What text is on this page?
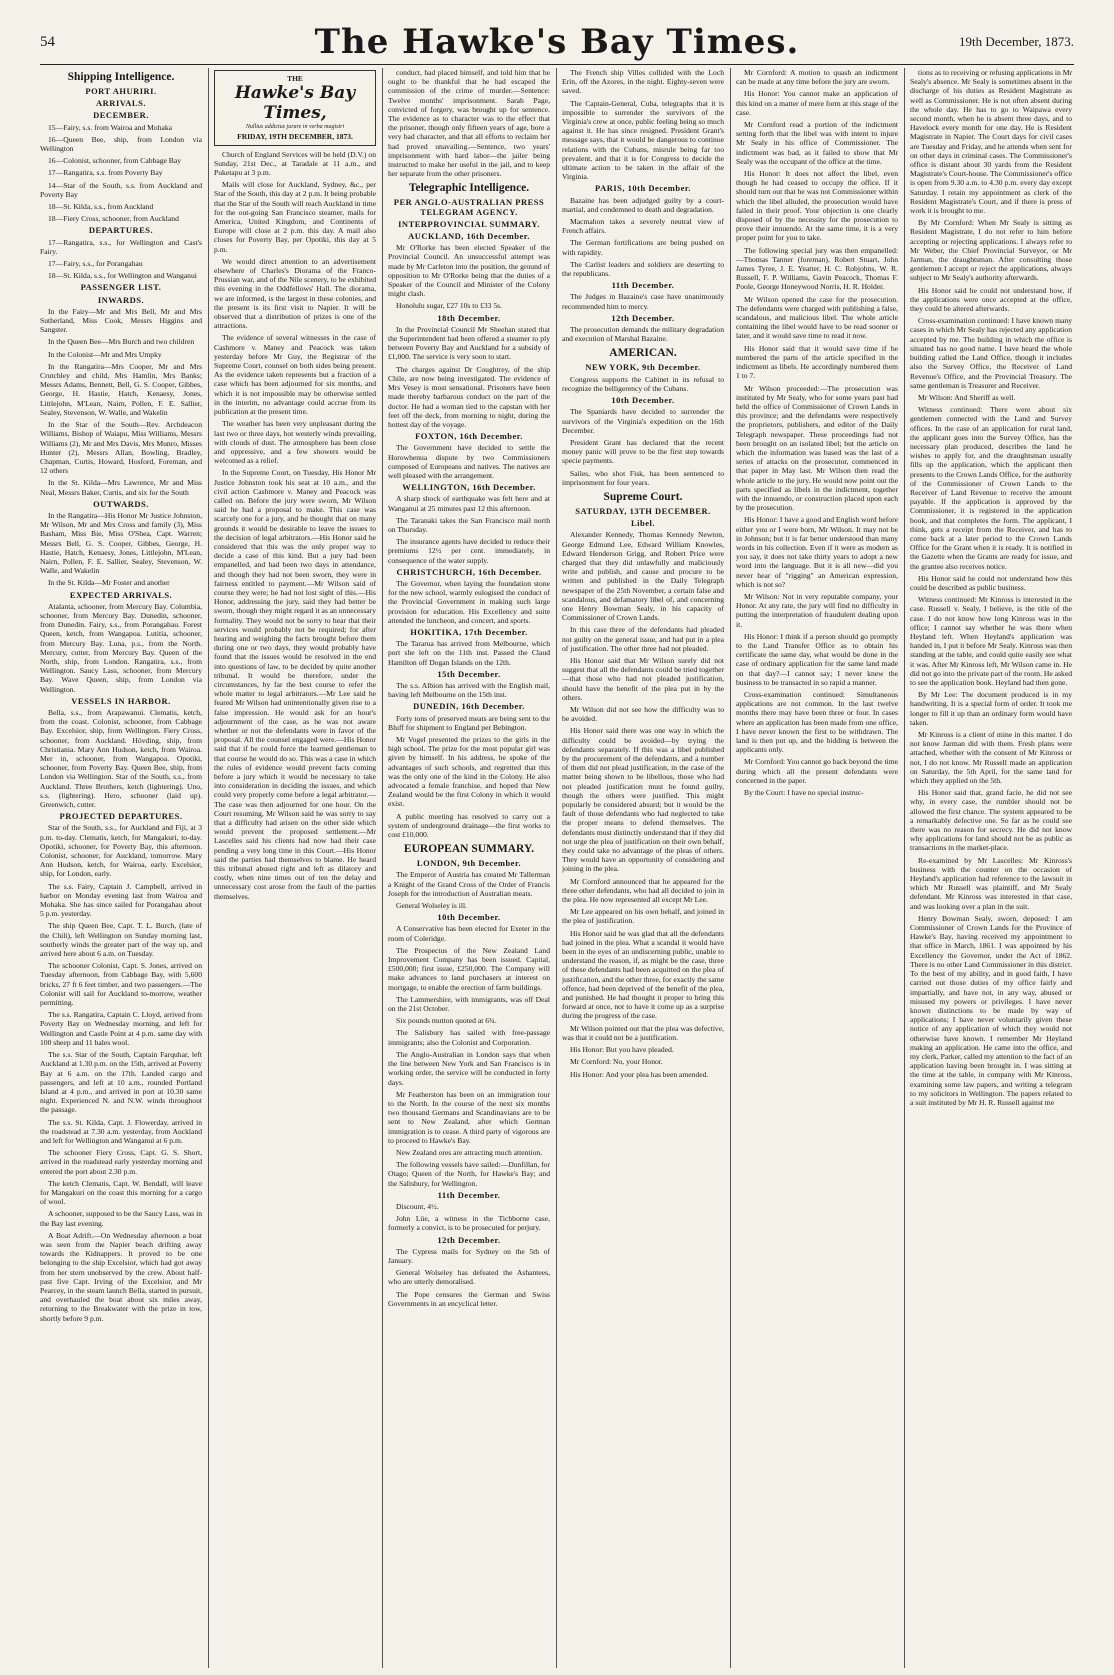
54	The Hawke's Bay Times.	19th December, 1873.
Shipping Intelligence.
PORT AHURIRI.
ARRIVALS.
DECEMBER.
15—Fairy, s.s. from Wairoa and Mohaka
16—Queen Bee, ship, from London via Wellington
16—Colonist, schooner, from Cabbage Bay
17—Rangatira, s.s. from Poverty Bay
14—Star of the South, s.s. from Auckland and Poverty Bay
18—St. Kilda, s.s., from Auckland
18—Fiery Cross, schooner, from Auckland
DEPARTURES.
17—Rangatira, s.s., for Wellington and Cast's Fairy.
17—Fairy, s.s., for Porangahau
18—St. Kilda, s.s., for Wellington and Wanganui
PASSENGER LIST.
INWARDS.
In the Fairy—Mr and Mrs Bell, Mr and Mrs Sutherland, Miss Cook, Messrs Higgins and Sangster.
In the Queen Bee—Mrs Burch and two children
In the Colonist—Mr and Mrs Umpky
In the Rangatira—Mrs Cooper, Mr and Mrs Crutchley and child, Mrs Hamlin, Mrs Banks; Messrs Adams, Bennett, Bell, G. S. Cooper, Gibbes, George, H. Hastie, Hatch, Kenaesy, Jones, Littlejohn, M'Lean, Nairn, Pollen, F. E. Sallier, Sealey, Stevenson, W. Walle, and Wakelin
In the Star of the South—Rev. Archdeacon Williams, Bishop of Waiapu, Miss Williams, Messrs Williams (2), Mr and Mrs Davis, Mrs Munro, Misses Hunter (2), Messrs Allan, Bowling, Bradley, Chapman, Curtis, Howard, Hosford, Foreman, and 12 others
In the St. Kilda—Mrs Lawrence, Mr and Miss Neal, Messrs Baker, Curtis, and six for the South
OUTWARDS.
In the Rangatira—His Honor Mr Justice Johnston, Mr Wilson, Mr and Mrs Cross and family (3), Miss Basham, Miss Bie, Miss O'Shea, Capt. Warren; Messrs Bell, G. S. Cooper, Gibbes, George, H. Hastie, Hatch, Kenaesy, Jones, Littlejohn, M'Lean, Nairn, Pollen, F. E. Sallier, Sealey, Stevenson, W. Walle, and Wakelin
In the St. Kilda—Mr Foster and another
EXPECTED ARRIVALS.
Atalanta, schooner, from Mercury Bay. Columbia, schooner, from Mercury Bay. Dunedin, schooner, from Dunedin. Fairy, s.s., from Porangahau. Forest Queen, ketch, from Wangapoa. Lutitia, schooner, from Mercury Bay. Luna, p.s., from the North. Mercury, cutter, from Mercury Bay. Queen of the North, ship, from London. Rangatira, s.s., from Wellington. Saucy Lass, schooner, from Mercury Bay. Wave Queen, ship, from London via Wellington.
VESSELS IN HARBOR.
Bella, s.s., from Arapawanui. Clematis, ketch, from the coast. Colonist, schooner, from Cabbage Bay. Excelsior, ship, from Wellington. Fiery Cross, schooner, from Auckland. Hövding, ship, from Christiania. Mary Ann Hudson, ketch, from Wairoa. Mer in, schooner, from Wangapoa. Opotiki, schooner, from Poverty Bay. Queen Bee, ship, from London via Wellington. Star of the South, s.s., from Auckland. Three Brothers, ketch (lightering). Uno, s.s. (lightering). Hero, schooner (laid up). Greenwich, cutter.
PROJECTED DEPARTURES.
Star of the South, s.s., for Auckland and Fiji, at 3 p.m. to-day. Clematis, ketch, for Mangakuri, to-day. Opotiki, schooner, for Poverty Bay, this afternoon. Colonist, schooner, for Auckland, tomorrow. Mary Ann Hudson, ketch, for Wairoa, early. Excelsior, ship, for London, early.
The s.s. Fairy, Captain J. Campbell, arrived in harbor on Monday evening last from Wairoa and Mohaka. She has since sailed for Porangahau about 5 p.m. yesterday.
The ship Queen Bee, Capt. T. L. Burch, (late of the Chili), left Wellington on Sunday morning last, southerly winds the greater part of the way up, and arrived here about 6 a.m. on Tuesday.
The schooner Colonist, Capt. S. Jones, arrived on Tuesday afternoon, from Cabbage Bay, with 5,600 bricks, 27 ft 6 feet timber, and two passengers.—The Colonist will sail for Auckland to-morrow, weather permitting.
The s.s. Rangatira, Captain C. Lloyd, arrived from Poverty Bay on Wednesday morning, and left for Wellington and Castle Point at 4 p.m. same day with 100 sheep and 11 bales wool.
The s.s. Star of the South, Captain Farquhar, left Auckland at 1.30 p.m. on the 15th, arrived at Poverty Bay at 6 a.m. on the 17th. Landed cargo and passengers, and left at 10 a.m., rounded Portland Island at 4 p.m., and arrived in port at 10.30 same night. Experienced N. and N.W. winds throughout the passage.
The s.s. St. Kilda, Capt. J. Flowerday, arrived in the roadstead at 7.30 a.m. yesterday, from Auckland and left for Wellington and Wanganui at 6 p.m.
The schooner Fiery Cross, Capt. G. S. Short, arrived in the roadstead early yesterday morning and entered the port about 2.30 p.m.
The ketch Clematis, Capt. W. Bendall, will leave for Mangakuri on the coast this morning for a cargo of wool.
A schooner, supposed to be the Saucy Lass, was in the Bay last evening.
A Boat Adrift.—On Wednesday afternoon a boat was seen from the Napier beach drifting away towards the Kidnappers. It proved to be one belonging to the ship Excelsior, which had got away from her stern unobserved by the crew. About half-past five Capt. Irving of the Excelsior, and Mr Pearcey, in the steam launch Bella, started in pursuit, and overhauled the boat about six miles away, returning to the Breakwater with the prize in tow, shortly before 9 p.m.
THE
Hawke's Bay Times,
Nullius addictus jurare in verba magistri
FRIDAY, 19TH DECEMBER, 1873.
Church of England Services will be held (D.V.) on Sunday, 21st Dec., at Taradale at 11 a.m., and Puketapu at 3 p.m.
Mails will close for Auckland, Sydney, &c., per Star of the South, this day at 2 p.m. It being probable that the Star of the South will reach Auckland in time for the out-going San Francisco steamer, mails for America, United Kingdom, and Continents of Europe will close at 2 p.m. this day. A mail also closes for Poverty Bay, per Opotiki, this day at 5 p.m.
We would direct attention to an advertisement elsewhere of Charles's Diorama of the Franco-Prussian war, and of the Nile scenery, to be exhibited this evening in the Oddfellows' Hall. The diorama, we are informed, is the largest in these colonies, and the present is its first visit to Napier. It will be observed that a distribution of prizes is one of the attractions.
The evidence of several witnesses in the case of Cashmore v. Maney and Peacock was taken yesterday before Mr Guy, the Registrar of the Supreme Court, counsel on both sides being present. As the evidence taken represents but a fraction of a case which has been adjourned for six months, and which it is not impossible may be otherwise settled in the interim, no advantage could accrue from its publication at the present time.
The weather has been very unpleasant during the last two or three days, hot westerly winds prevailing, with clouds of dust. The atmosphere has been close and oppressive, and a few showers would be welcomed as a relief.
In the Supreme Court, on Tuesday, His Honor Mr Justice Johnston took his seat at 10 a.m., and the civil action Cashmore v. Maney and Peacock was called on. Before the jury were sworn, Mr Wilson said he had a proposal to make. This case was scarcely one for a jury, and he thought that on many grounds it would be desirable to leave the issues to the decision of legal arbitrators.—His Honor said he considered that this was the only proper way to decide a case of this kind. But a jury had been empanelled, and had been two days in attendance, and though they had not been sworn, they were in fairness entitled to payment.—Mr Wilson said of course they were; he had not lost sight of this.—His Honor, addressing the jury, said they had better be sworn, though they might regard it as an unnecessary formality. They would not be sorry to hear that their services would probably not be required; for after hearing and weighing the facts brought before them during one or two days, they would probably have found that the issues would be resolved in the end into questions of law, to be decided by quite another tribunal. It would be therefore, under the circumstances, by far the best course to refer the whole matter to legal arbitrators.—Mr Lee said he feared Mr Wilson had unintentionally given rise to a false impression. He would ask for an hour's adjournment of the case, as he was not aware whether or not the defendants were in favor of the proposal. All the counsel engaged were.—His Honor said that if he could force the learned gentleman to that course he would do so. This was a case in which the rules of evidence would prevent facts coming before a jury which it would be necessary to take into consideration in deciding the issues, and which could very properly come before a legal arbitrator.—The case was then adjourned for one hour. On the Court resuming, Mr Wilson said he was sorry to say that a difficulty had arisen on the other side which would prevent the proposed settlement.—Mr Lascelles said his clients had now had their case pending a very long time in this Court.—His Honor said the parties had themselves to blame. He heard this tribunal abused right and left as dilatory and costly, when nine times out of ten the delay and unnecessary cost arose from the fault of the parties themselves.
conduct, had placed himself, and told him that he ought to be thankful that he had escaped the commission of the crime of murder.—Sentence: Twelve months' imprisonment. Sarah Page, convicted of forgery, was brought up for sentence. The evidence as to character was to the effect that the prisoner, though only fifteen years of age, bore a very bad character, and that all efforts to reclaim her had proved unavailing.—Sentence, two years' imprisonment with hard labor—the jailer being instructed to make her useful in the jail, and to keep her separate from the other prisoners.
Telegraphic Intelligence.
PER ANGLO-AUSTRALIAN PRESS TELEGRAM AGENCY.
INTERPROVINCIAL SUMMARY.
AUCKLAND, 16th December.
Mr O'Rorke has been elected Speaker of the Provincial Council. An unsuccessful attempt was made by Mr Carleton into the position, the ground of opposition to Mr O'Rorke being that the duties of a Speaker of the Council and Minister of the Colony might clash.
Honolulu sugar, £27 10s to £33 5s.
18th December.
In the Provincial Council Mr Sheehan stated that the Superintendent had been offered a steamer to ply between Poverty Bay and Auckland for a subsidy of £1,000. The service is very soon to start.
The charges against Dr Coughtrey, of the ship Chile, are now being investigated. The evidence of Mrs Vesey is most sensational. Prisoners have been made thereby barbarous conduct on the part of the doctor. He had a woman tied to the capstan with her feet off the deck, from morning to night, during the hottest day of the voyage.
FOXTON, 16th December.
The Government have decided to settle the Horowhenua dispute by two Commissioners composed of Europeans and natives. The natives are well pleased with the arrangement.
WELLINGTON, 16th December.
A sharp shock of earthquake was felt here and at Wanganui at 25 minutes past 12 this afternoon.
The Taranaki takes the San Francisco mail north on Thursday.
The insurance agents have decided to reduce their premiums 12½ per cent. immediately, in consequence of the water supply.
CHRISTCHURCH, 16th December.
The Governor, when laying the foundation stone for the new school, warmly eulogised the conduct of the Provincial Government in making such large provision for education. His Excellency and suite attended the luncheon, and concert, and sports.
HOKITIKA, 17th December.
The Tararua has arrived from Melbourne, which port she left on the 11th inst. Passed the Claud Hamilton off Dogan Islands on the 12th.
15th December.
The s.s. Albion has arrived with the English mail, having left Melbourne on the 15th inst.
DUNEDIN, 16th December.
Forty tons of preserved meats are being sent to the Bluff for shipment to England per Bebington.
Mr Vogel presented the prizes to the girls in the high school. The prize for the most popular girl was given by himself. In his address, he spoke of the advantages of such schools, and regretted that this was the only one of the kind in the Colony. He also advocated a female franchise, and hoped that New Zealand would be the first Colony in which it would exist.
A public meeting has resolved to carry out a system of underground drainage—the first works to cost £10,000.
EUROPEAN SUMMARY.
LONDON, 9th December.
The Emperor of Austria has created Mr Tallerman a Knight of the Grand Cross of the Order of Francis Joseph for the introduction of Australian meats.
General Wolseley is ill.
10th December.
A Conservative has been elected for Exeter in the room of Coleridge.
The Prospectus of the New Zealand Land Improvement Company has been issued. Capital, £500,000; first issue, £250,000. The Company will make advances to land purchasers at interest on mortgage, to enable the erection of farm buildings.
The Lammershire, with immigrants, was off Deal on the 21st October.
Six pounds mutton quoted at 6¾.
The Salisbury has sailed with free-passage immigrants; also the Colonist and Corporation.
The Anglo-Australian in London says that when the line between New York and San Francisco is in working order, the service will be conducted in forty days.
Mr Featherston has been on an immigration tour to the North. In the course of the next six months two thousand Germans and Scandinavians are to be sent to New Zealand, after which German immigration is to cease. A third party of vigorous are to proceed to Hawke's Bay.
New Zealand ores are attracting much attention.
The following vessels have sailed:—Dunfillan, for Otago; Queen of the North, for Hawke's Bay; and the Salisbury, for Wellington.
11th December.
Discount, 4½.
John Lüe, a witness in the Tichborne case, formerly a convict, is to be prosecuted for perjury.
12th December.
The Cypress mails for Sydney on the 5th of January.
General Wolseley has defeated the Ashantees, who are utterly demoralised.
The Pope censures the German and Swiss Governments in an encyclical letter.
The French ship Villes collided with the Loch Erin, off the Azores, in the night. Eighty-seven were saved.
The Captain-General, Cuba, telegraphs that it is impossible to surrender the survivors of the Virginia's crew at once, public feeling being so much against it. He has since resigned. President Grant's message says, that it would be dangerous to continue relations with the Cubans, misrule being far too prevalent, and that it is for Congress to decide the ultimate action to be taken in the affair of the Virginia.
PARIS, 10th December.
Bazaine has been adjudged guilty by a court-martial, and condemned to death and degradation.
Macmahon takes a severely neutral view of French affairs.
The German fortifications are being pushed on with rapidity.
The Carlist leaders and soldiers are deserting to the republicans.
11th December.
The Judges in Bazaine's case have unanimously recommended him to mercy.
12th December.
The prosecution demands the military degradation and execution of Marshal Bazaine.
AMERICAN.
NEW YORK, 9th December.
Congress supports the Cabinet in its refusal to recognize the belligerency of the Cubans.
10th December.
The Spaniards have decided to surrender the survivors of the Virginia's expedition on the 16th December.
President Grant has declared that the recent money panic will prove to be the first step towards specie payments.
Sailes, who shot Fisk, has been sentenced to imprisonment for four years.
Supreme Court.
SATURDAY, 13TH DECEMBER.
Libel.
Alexander Kennedy, Thomas Kennedy Newton, George Edmund Lee, Edward William Knowles, Edward Henderson Grigg, and Robert Price were charged that they did unlawfully and maliciously write and publish, and cause and procure to be written and published in the Daily Telegraph newspaper of the 25th November, a certain false and scandalous, and defamatory libel of, and concerning one Henry Bowman Sealy, in his capacity of Commissioner of Crown Lands.
In this case three of the defendants had pleaded not guilty on the general issue, and had put in a plea of justification. The other three had not pleaded.
His Honor said that Mr Wilson surely did not suggest that all the defendants could be tried together—that those who had not pleaded justification, should have the benefit of the plea put in by the others.
Mr Wilson did not see how the difficulty was to be avoided.
His Honor said there was one way in which the difficulty could be avoided—by trying the defendants separately. If this was a libel published by the procurement of the defendants, and a number of them did not plead justification, in the case of the matter being shown to be libellous, those who had not pleaded justification must be found guilty, though the others were justified. This might popularly be considered absurd; but it would be the fault of those defendants who had neglected to take the proper means to defend themselves. The defendants must distinctly understand that if they did not urge the plea of justification on their own behalf, they could take no advantage of the pleas of others. They would have an opportunity of considering and joining in the plea.
Mr Cornford announced that he appeared for the three other defendants, who had all decided to join in the plea. He now represented all except Mr Lee.
Mr Lee appeared on his own behalf, and joined in the plea of justification.
His Honor said he was glad that all the defendants had joined in the plea. What a scandal it would have been in the eyes of an undiscerning public, unable to understand the reason, if, as might be the case, three of these defendants had been acquitted on the plea of justification, and the other three, for exactly the same offence, had been deprived of the benefit of the plea, and punished. He had thought it proper to bring this forward at once, not to have it come up as a surprise during the progress of the case.
Mr Wilson pointed out that the plea was defective, was that it could not be a justification.
His Honor: But you have pleaded.
Mr Cornford: No, your Honor.
His Honor: And your plea has been amended.
Mr Cornford: A motion to quash an indictment can be made at any time before the jury are sworn.
His Honor: You cannot make an application of this kind on a matter of mere form at this stage of the case.
Mr Cornford read a portion of the indictment setting forth that the libel was with intent to injure Mr Sealy in his office of Commissioner. The indictment was bad, as it failed to show that Mr Sealy was the occupant of the office at the time.
His Honor: It does not affect the libel, even though he had ceased to occupy the office. If it should turn out that he was not Commissioner within which the libel alluded, the prosecution would have failed in their proof. Your objection is one clearly disposed of by the necessity for the prosecution to prove their innuendo. At the same time, it is a very proper point for you to take.
The following special jury was then empanelled:—Thomas Tanner (foreman), Robert Stuart, John James Tyree, J. E. Yeatter, H. C. Robjohns, W. R. Russell, F. P. Williams, Gavin Peacock, Thomas F. Poole, George Honeywood Norris, H. R. Holder.
Mr Wilson opened the case for the prosecution. The defendants were charged with publishing a false, scandalous, and malicious libel. The whole article containing the libel would have to be read sooner or later, and it would save time to read it now.
His Honor said that it would save time if he numbered the parts of the article specified in the indictment as libels. He accordingly numbered them 1 to 7.
Mr Wilson proceeded:—The prosecution was instituted by Mr Sealy, who for some years past had held the office of Commissioner of Crown Lands in this province; and the defendants were respectively the proprietors, publishers, and editor of the Daily Telegraph newspaper. These proceedings had not been brought on an isolated libel; but the article on which the information was based was the last of a series of attacks on the prosecutor, commenced in that paper in May last. Mr Wilson then read the whole article to the jury. He would now point out the parts specified as libels in the indictment, together with the innuendo, or construction placed upon each by the prosecution.
His Honor: I have a good and English word before either you or I were born, Mr Wilson. It may not be in Johnson; but it is far better understood than many words in his collection. Even if it were as modern as you say, it does not take thirty years to adopt a new word into the language. But it is all new—did you never hear of "rigging" an American expression, which is not so?
Mr Wilson: Not in very reputable company, your Honor. At any rate, the jury will find no difficulty in putting the interpretation of fraudulent dealing upon it.
His Honor: I think if a person should go promptly to the Land Transfer Office as to obtain his certificate the same day, what would be done in the case of ordinary application for the same land made on that day?—I cannot say; I never knew the business to be transacted in so rapid a manner.
Cross-examination continued: Simultaneous applications are not common. In the last twelve months there may have been three or four. In cases where an application has been made from one office, I have never known the first to be withdrawn. The land is then put up, and the bidding is between the applicants only.
Mr Cornford: You cannot go back beyond the time during which all the present defendants were concerned in the paper.
By the Court: I have no special instruc-
tions as to receiving or refusing applications in Mr Sealy's absence. Mr Sealy is sometimes absent in the discharge of his duties as Resident Magistrate as well as Commissioner. He is not often absent during the whole day. He has to go to Waipawa every second month, when he is absent three days, and to Havelock every month for one day. He is Resident Magistrate in Napier. The Court days for civil cases are Tuesday and Friday, and he attends when sent for on other days in criminal cases. The Commissioner's office is distant about 30 yards from the Resident Magistrate's Court-house. The Commissioner's office is open from 9.30 a.m. to 4.30 p.m. every day except Saturday. I retain my appointment as clerk of the Resident Magistrate's Court, and if there is press of work it is brought to me.
By Mr Cornford: When Mr Sealy is sitting as Resident Magistrate, I do not refer to him before accepting or rejecting applications. I always refer to Mr Weber, the Chief Provincial Surveyor, or Mr Jarman, the draughtsman. After consulting those gentlemen I accept or reject the applications, always subject to Mr Sealy's authority afterwards.
His Honor said he could not understand how, if the applications were once accepted at the office, they could be altered afterwards.
Cross-examination continued: I have known many cases in which Mr Sealy has rejected any application accepted by me. The building in which the office is situated has no good name. I have heard the whole building called the Land Office, though it includes also the Survey Office, the Receiver of Land Revenue's Office, and the Provincial Treasury. The same gentleman is Treasurer and Receiver.
Mr Wilson: And Sheriff as well.
Witness continued: There were about six gentlemen connected with the Land and Survey offices. In the case of an application for rural land, the applicant goes into the Survey Office, has the necessary plan produced, describes the land he wishes to apply for, and the draughtsman usually fills up the application, which the applicant then presents to the Crown Lands Office, for the authority of the Commissioner of Crown Lands to the Receiver of Land Revenue to receive the amount payable. If the application is approved by the Commissioner, it is registered in the application book, and that completes the form. The applicant, I think, gets a receipt from the Receiver, and has to come back at a later period to the Crown Lands Office for the Grant when it is ready. It is notified in the Gazette when the Grants are ready for issue, and the grantee also receives notice.
His Honor said he could not understand how this could be described as public business.
Witness continued: Mr Kinross is interested in the case. Russell v. Sealy, I believe, is the title of the case. I do not know how long Kinross was in the office; I cannot say whether he was there when Heyland left. When Heyland's application was handed in, I put it before Mr Sealy. Kinross was then standing at the table, and could quite easily see what it was. After Mr Kinross left, Mr Wilson came in. He did not go into the private part of the room. He asked to see the application book. Heyland had then gone.
By Mr Lee: The document produced is in my handwriting. It is a special form of order. It took me longer to fill it up than an ordinary form would have taken.
Mr Kinross is a client of mine in this matter. I do not know Jarman did with them. Fresh plans were attached, whether with the consent of Mr Kinross or not, I do not know. Mr Russell made an application on Saturday, the 5th April, for the same land for which they applied on the 5th.
His Honor said that, grand facie, he did not see why, in every case, the rumbler should not be allowed the first chance. The system appeared to be a remarkably defective one. So far as he could see there was no reason for secrecy. He did not know why applications for land should not be as public as transactions in the market-place.
Re-examined by Mr Lascelles: Mr Kinross's business with the counter on the occasion of Heyland's application had reference to the lawsuit in which Mr Russell was plaintiff, and Mr Sealy defendant. Mr Kinross was interested in that case, and was looking over a plan in the suit.
Henry Bowman Sealy, sworn, deposed: I am Commissioner of Crown Lands for the Province of Hawke's Bay, having received my appointment to that office in March, 1861. I was appointed by his Excellency the Governor, under the Act of 1862. There is no other Land Commissioner in this district. To the best of my ability, and in good faith, I have carried out those duties of my office fairly and impartially, and have not, in any way, abused or misused my powers or privileges. I have never known distinctions to be made by way of applications; I have never voluntarily given these notice of any application of which they would not otherwise have known. I remember Mr Heyland making an application. He came into the office, and my clerk, Parker, called my attention to the fact of an application having been brought in. I was sitting at the time at the table, in company with Mr Kinross, examining some law papers, and writing a telegram to my solicitors in Wellington. The papers related to a suit instituted by Mr H. R. Russell against me
